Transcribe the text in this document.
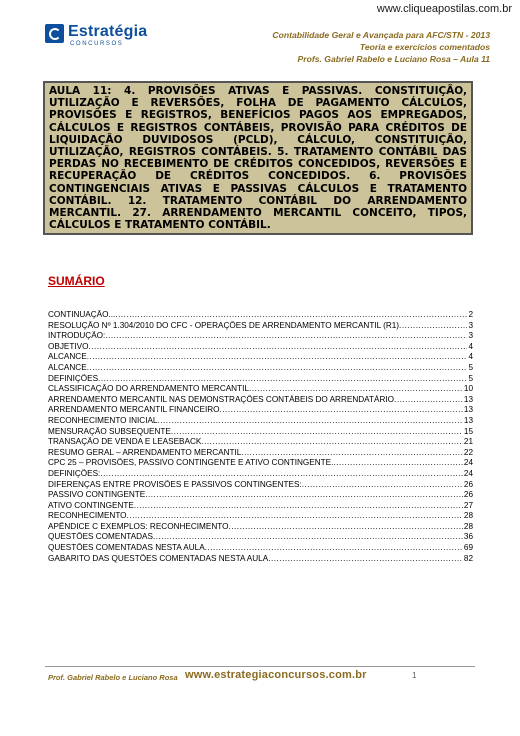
www.cliqueapostilas.com.br
Estratégia
CONCURSOS
Contabilidade Geral e Avançada para AFC/STN - 2013
Teoria e exercícios comentados
Profs. Gabriel Rabelo e Luciano Rosa – Aula 11
AULA 11: 4. PROVISÕES ATIVAS E PASSIVAS. CONSTITUIÇÃO, UTILIZAÇÃO E REVERSÕES, FOLHA DE PAGAMENTO CÁLCULOS, PROVISÕES E REGISTROS, BENEFÍCIOS PAGOS AOS EMPREGADOS, CÁLCULOS E REGISTROS CONTÁBEIS, PROVISÃO PARA CRÉDITOS DE LIQUIDAÇÃO DUVIDOSOS (PCLD), CÁLCULO, CONSTITUIÇÃO, UTILIZAÇÃO, REGISTROS CONTÁBEIS. 5. TRATAMENTO CONTÁBIL DAS PERDAS NO RECEBIMENTO DE CRÉDITOS CONCEDIDOS, REVERSÕES E RECUPERAÇÃO DE CRÉDITOS CONCEDIDOS. 6. PROVISÕES CONTINGENCIAIS ATIVAS E PASSIVAS CÁLCULOS E TRATAMENTO CONTÁBIL. 12. TRATAMENTO CONTÁBIL DO ARRENDAMENTO MERCANTIL. 27. ARRENDAMENTO MERCANTIL CONCEITO, TIPOS, CÁLCULOS E TRATAMENTO CONTÁBIL.
SUMÁRIO
CONTINUAÇÃO... .....	2
RESOLUÇÃO Nº 1.304/2010 DO CFC - OPERAÇÕES DE ARRENDAMENTO MERCANTIL (R1) .....	3
INTRODUÇÃO: .....	3
OBJETIVO .....	4
ALCANCE .....	4
ALCANCE .....	5
DEFINIÇÕES .....	5
CLASSIFICAÇÃO DO ARRENDAMENTO MERCANTIL .....	10
ARRENDAMENTO MERCANTIL NAS DEMONSTRAÇÕES CONTÁBEIS DO ARRENDATÁRIO .....	13
ARRENDAMENTO MERCANTIL FINANCEIRO .....	13
RECONHECIMENTO INICIAL .....	13
MENSURAÇÃO SUBSEQUENTE .....	15
TRANSAÇÃO DE VENDA E LEASEBACK .....	21
RESUMO GERAL – ARRENDAMENTO MERCANTIL .....	22
CPC 25 – PROVISÕES, PASSIVO CONTINGENTE E ATIVO CONTINGENTE. .....	24
DEFINIÇÕES: .....	24
DIFERENÇAS ENTRE PROVISÕES E PASSIVOS CONTINGENTES: .....	26
PASSIVO CONTINGENTE .....	26
ATIVO CONTINGENTE .....	27
RECONHECIMENTO .....	28
APÊNDICE C EXEMPLOS: RECONHECIMENTO .....	28
QUESTÕES COMENTADAS .....	36
QUESTÕES COMENTADAS NESTA AULA .....	69
GABARITO DAS QUESTÕES COMENTADAS NESTA AULA .....	82
Prof. Gabriel Rabelo e Luciano Rosa www.estrategiaconcursos.com.br	1
